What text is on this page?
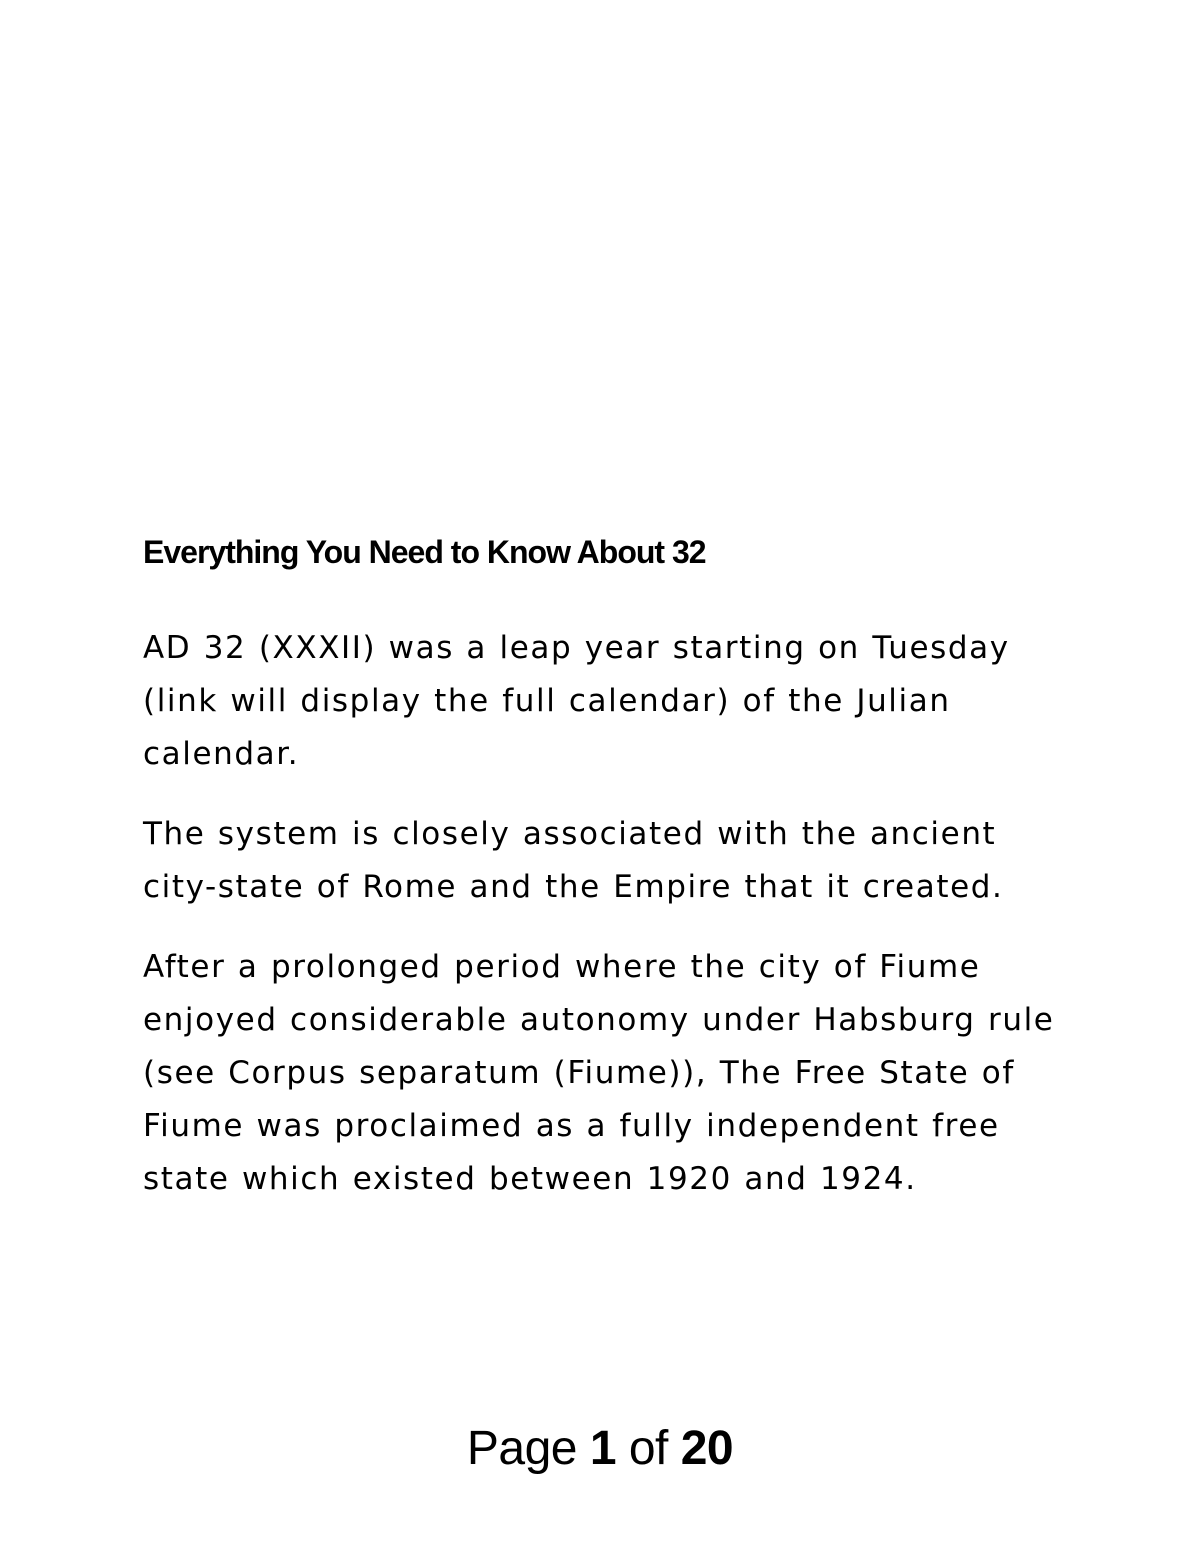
Everything You Need to Know About 32

AD 32 (XXXII) was a leap year starting on Tuesday (link will display the full calendar) of the Julian calendar.

The system is closely associated with the ancient city-state of Rome and the Empire that it created.

After a prolonged period where the city of Fiume enjoyed considerable autonomy under Habsburg rule (see Corpus separatum (Fiume)), The Free State of Fiume was proclaimed as a fully independent free state which existed between 1920 and 1924.

Page 1 of 20
